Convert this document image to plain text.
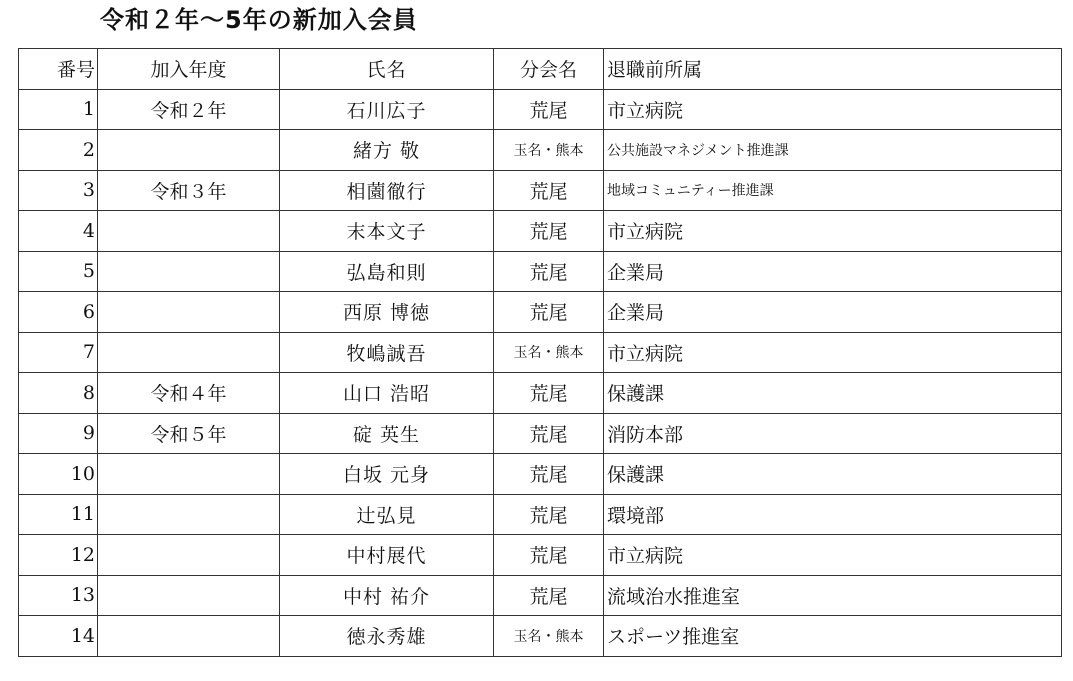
令和２年～5年の新加入会員
番号	加入年度	氏名	分会名	退職前所属
1	令和２年	石川広子	荒尾	市立病院
2		緒方 敬	玉名・熊本	公共施設マネジメント推進課
3	令和３年	相薗徹行	荒尾	地域コミュニティー推進課
4		末本文子	荒尾	市立病院
5		弘島和則	荒尾	企業局
6		西原 博徳	荒尾	企業局
7		牧嶋誠吾	玉名・熊本	市立病院
8	令和４年	山口 浩昭	荒尾	保護課
9	令和５年	碇 英生	荒尾	消防本部
10		白坂 元身	荒尾	保護課
11		辻弘見	荒尾	環境部
12		中村展代	荒尾	市立病院
13		中村 祐介	荒尾	流域治水推進室
14		徳永秀雄	玉名・熊本	スポーツ推進室
